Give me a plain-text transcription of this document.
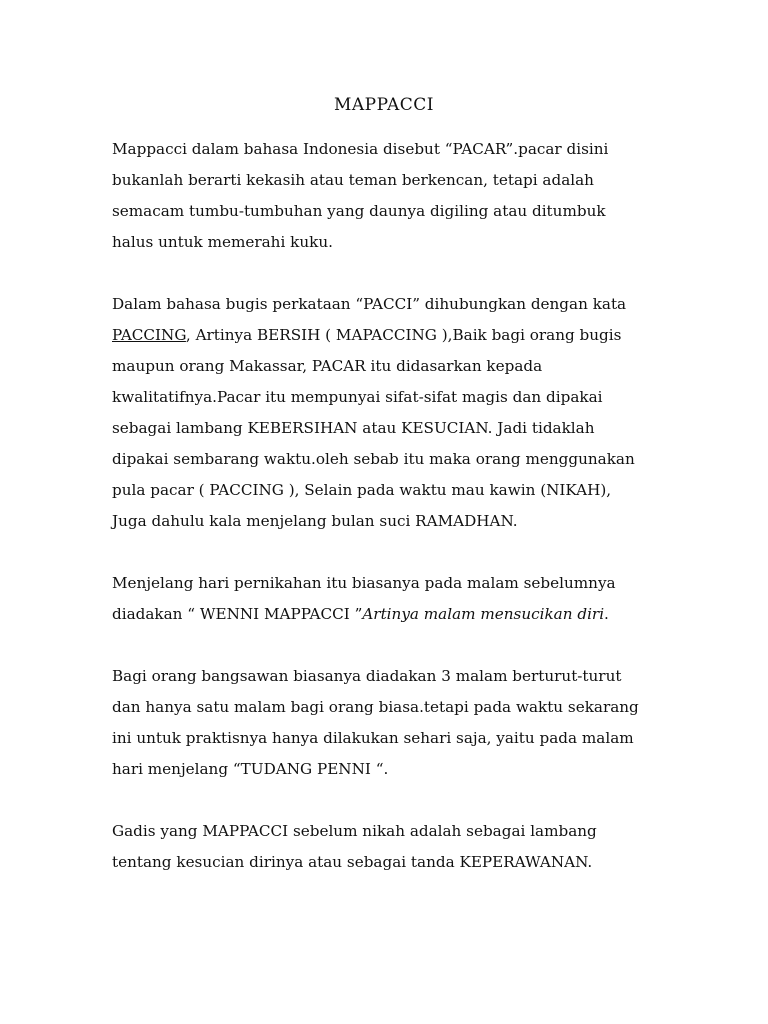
MAPPACCI
Mappacci dalam bahasa Indonesia disebut “PACAR”.pacar disini
bukanlah berarti kekasih atau teman berkencan, tetapi adalah
semacam tumbu-tumbuhan yang daunya digiling atau ditumbuk
halus untuk memerahi kuku.
Dalam bahasa bugis perkataan “PACCI” dihubungkan dengan kata
PACCING, Artinya BERSIH ( MAPACCING ),Baik bagi orang bugis
maupun orang Makassar, PACAR itu didasarkan kepada
kwalitatifnya.Pacar itu mempunyai sifat-sifat magis dan dipakai
sebagai lambang KEBERSIHAN atau KESUCIAN. Jadi tidaklah
dipakai sembarang waktu.oleh sebab itu maka orang menggunakan
pula pacar ( PACCING ), Selain pada waktu mau kawin (NIKAH),
Juga dahulu kala menjelang bulan suci RAMADHAN.
Menjelang hari pernikahan itu biasanya pada malam sebelumnya
diadakan “ WENNI MAPPACCI ”Artinya malam mensucikan diri.
Bagi orang bangsawan biasanya diadakan 3 malam berturut-turut
dan hanya satu malam bagi orang biasa.tetapi pada waktu sekarang
ini untuk praktisnya hanya dilakukan sehari saja, yaitu pada malam
hari menjelang “TUDANG PENNI “.
Gadis yang MAPPACCI sebelum nikah adalah sebagai lambang
tentang kesucian dirinya atau sebagai tanda KEPERAWANAN.
